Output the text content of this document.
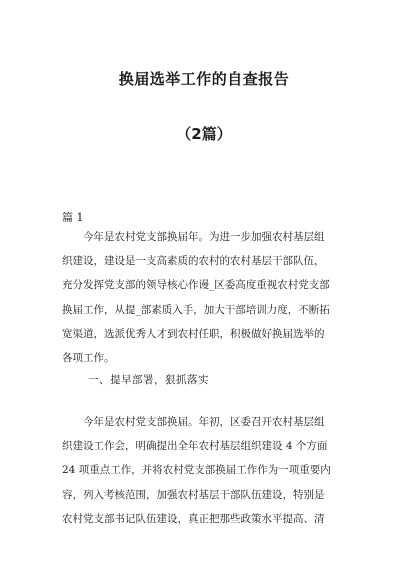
换届选举工作的自查报告
（2篇）
篇 1
　　今年是农村党支部换届年。为进一步加强农村基层组
织建设，建设是一支高素质的农村的农村基层干部队伍，
充分发挥党支部的领导核心作谩_区委高度重视农村党支部
换届工作，从提_部素质入手，加大干部培训力度，不断拓
宽渠道，选派优秀人才到农村任职，积极做好换届选举的
各项工作。
一、提早部署，狠抓落实
　　今年是农村党支部换届。年初，区委召开农村基层组
织建设工作会，明确提出全年农村基层组织建设 4 个方面
24 项重点工作，并将农村党支部换届工作作为一项重要内
容，列入考核范围，加强农村基层干部队伍建设，特别是
农村党支部书记队伍建设，真正把那些政策水平提高、清
